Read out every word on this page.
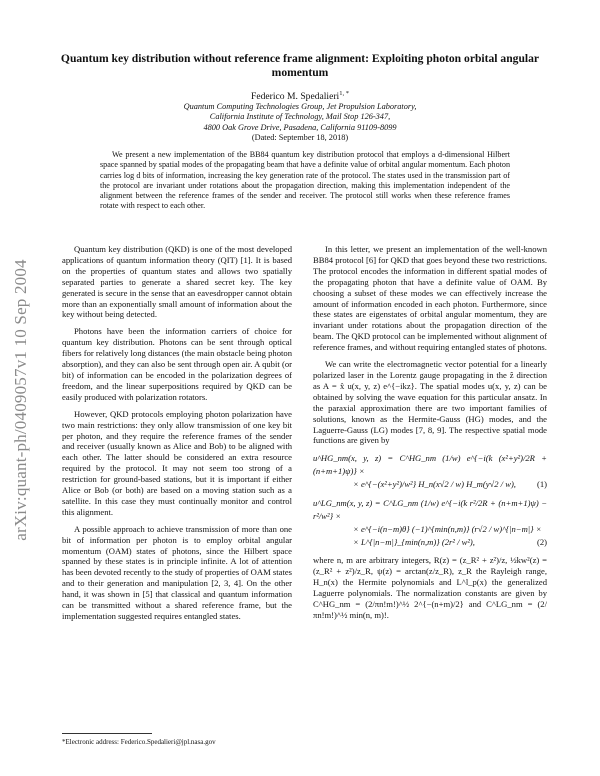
Quantum key distribution without reference frame alignment: Exploiting photon orbital angular momentum
Federico M. Spedalieri$^{1, *}$
Quantum Computing Technologies Group, Jet Propulsion Laboratory,
California Institute of Technology, Mail Stop 126-347,
4800 Oak Grove Drive, Pasadena, California 91109-8099
(Dated: September 18, 2018)
We present a new implementation of the BB84 quantum key distribution protocol that employs a d-dimensional Hilbert space spanned by spatial modes of the propagating beam that have a definite value of orbital angular momentum. Each photon carries log d bits of information, increasing the key generation rate of the protocol. The states used in the transmission part of the protocol are invariant under rotations about the propagation direction, making this implementation independent of the alignment between the reference frames of the sender and receiver. The protocol still works when these reference frames rotate with respect to each other.
arXiv:quant-ph/0409057v1 10 Sep 2004

Quantum key distribution (QKD) is one of the most developed applications of quantum information theory (QIT) [1]. It is based on the properties of quantum states and allows two spatially separated parties to generate a shared secret key. The key generated is secure in the sense that an eavesdropper cannot obtain more than an exponentially small amount of information about the key without being detected.

Photons have been the information carriers of choice for quantum key distribution. Photons can be sent through optical fibers for relatively long distances (the main obstacle being photon absorption), and they can also be sent through open air. A qubit (or bit) of information can be encoded in the polarization degrees of freedom, and the linear superpositions required by QKD can be easily produced with polarization rotators.

However, QKD protocols employing photon polarization have two main restrictions: they only allow transmission of one key bit per photon, and they require the reference frames of the sender and receiver (usually known as Alice and Bob) to be aligned with each other. The latter should be considered an extra resource required by the protocol. It may not seem too strong of a restriction for ground-based stations, but it is important if either Alice or Bob (or both) are based on a moving station such as a satellite. In this case they must continually monitor and control this alignment.

A possible approach to achieve transmission of more than one bit of information per photon is to employ orbital angular momentum (OAM) states of photons, since the Hilbert space spanned by these states is in principle infinite. A lot of attention has been devoted recently to the study of properties of OAM states and to their generation and manipulation [2, 3, 4]. On the other hand, it was shown in [5] that classical and quantum information can be transmitted without a shared reference frame, but the implementation suggested requires entangled states.

*Electronic address: Federico.Spedalieri@jpl.nasa.gov

In this letter, we present an implementation of the well-known BB84 protocol [6] for QKD that goes beyond these two restrictions. The protocol encodes the information in different spatial modes of the propagating photon that have a definite value of OAM. By choosing a subset of these modes we can effectively increase the amount of information encoded in each photon. Furthermore, since these states are eigenstates of orbital angular momentum, they are invariant under rotations about the propagation direction of the beam. The QKD protocol can be implemented without alignment of reference frames, and without requiring entangled states of photons.

We can write the electromagnetic vector potential for a linearly polarized laser in the Lorentz gauge propagating in the ẑ direction as A = x̂ u(x, y, z) e^{−ikz}. The spatial modes u(x, y, z) can be obtained by solving the wave equation for this particular ansatz. In the paraxial approximation there are two important families of solutions, known as the Hermite-Gauss (HG) modes, and the Laguerre-Gauss (LG) modes [7, 8, 9]. The respective spatial mode functions are given by

u^HG_nm(x, y, z) = C^HG_nm (1/w) e^{−i(k (x²+y²)/2R + (n+m+1)ψ)} ×
× e^{−(x²+y²)/w²} H_n(x√2 / w) H_m(y√2 / w),	(1)
u^LG_nm(x, y, z) = C^LG_nm (1/w) e^{−i(k r²/2R + (n+m+1)ψ) − r²/w²} ×
× e^{−i(n−m)θ} (−1)^{min(n,m)} (r√2 / w)^{|n−m|} ×
× L^{|n−m|}_{min(n,m)} (2r² / w²),	(2)

where n, m are arbitrary integers, R(z) = (z_R² + z²)/z, ½kw²(z) = (z_R² + z²)/z_R, ψ(z) = arctan(z/z_R), z_R the Rayleigh range, H_n(x) the Hermite polynomials and L^l_p(x) the generalized Laguerre polynomials. The normalization constants are given by C^HG_nm = (2/πn!m!)^½ 2^{−(n+m)/2} and C^LG_nm = (2/πn!m!)^½ min(n, m)!.
